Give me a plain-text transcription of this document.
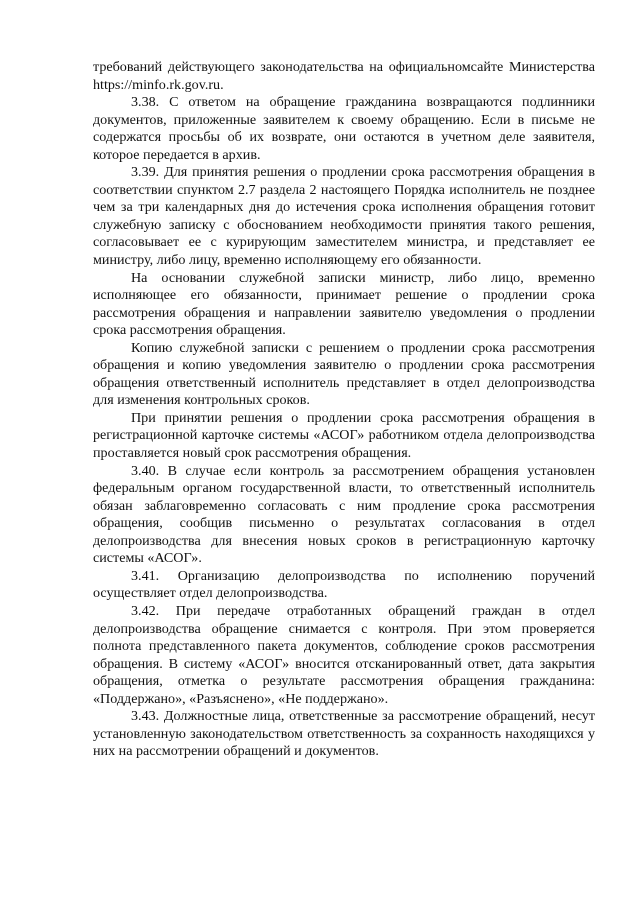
требований действующего законодательства на официальномсайте Министерства https://minfo.rk.gov.ru.

3.38. С ответом на обращение гражданина возвращаются подлинники документов, приложенные заявителем к своему обращению. Если в письме не содержатся просьбы об их возврате, они остаются в учетном деле заявителя, которое передается в архив.

3.39. Для принятия решения о продлении срока рассмотрения обращения в соответствии спунктом 2.7 раздела 2 настоящего Порядка исполнитель не позднее чем за три календарных дня до истечения срока исполнения обращения готовит служебную записку с обоснованием необходимости принятия такого решения, согласовывает ее с курирующим заместителем министра, и представляет ее министру, либо лицу, временно исполняющему его обязанности.

На основании служебной записки министр, либо лицо, временно исполняющее его обязанности, принимает решение о продлении срока рассмотрения обращения и направлении заявителю уведомления о продлении срока рассмотрения обращения.

Копию служебной записки с решением о продлении срока рассмотрения обращения и копию уведомления заявителю о продлении срока рассмотрения обращения ответственный исполнитель представляет в отдел делопроизводства для изменения контрольных сроков.

При принятии решения о продлении срока рассмотрения обращения в регистрационной карточке системы «АСОГ» работником отдела делопроизводства проставляется новый срок рассмотрения обращения.

3.40. В случае если контроль за рассмотрением обращения установлен федеральным органом государственной власти, то ответственный исполнитель обязан заблаговременно согласовать с ним продление срока рассмотрения обращения, сообщив письменно о результатах согласования в отдел делопроизводства для внесения новых сроков в регистрационную карточку системы «АСОГ».

3.41. Организацию делопроизводства по исполнению поручений осуществляет отдел делопроизводства.

3.42. При передаче отработанных обращений граждан в отдел делопроизводства обращение снимается с контроля. При этом проверяется полнота представленного пакета документов, соблюдение сроков рассмотрения обращения. В систему «АСОГ» вносится отсканированный ответ, дата закрытия обращения, отметка о результате рассмотрения обращения гражданина: «Поддержано», «Разъяснено», «Не поддержано».

3.43. Должностные лица, ответственные за рассмотрение обращений, несут установленную законодательством ответственность за сохранность находящихся у них на рассмотрении обращений и документов.
